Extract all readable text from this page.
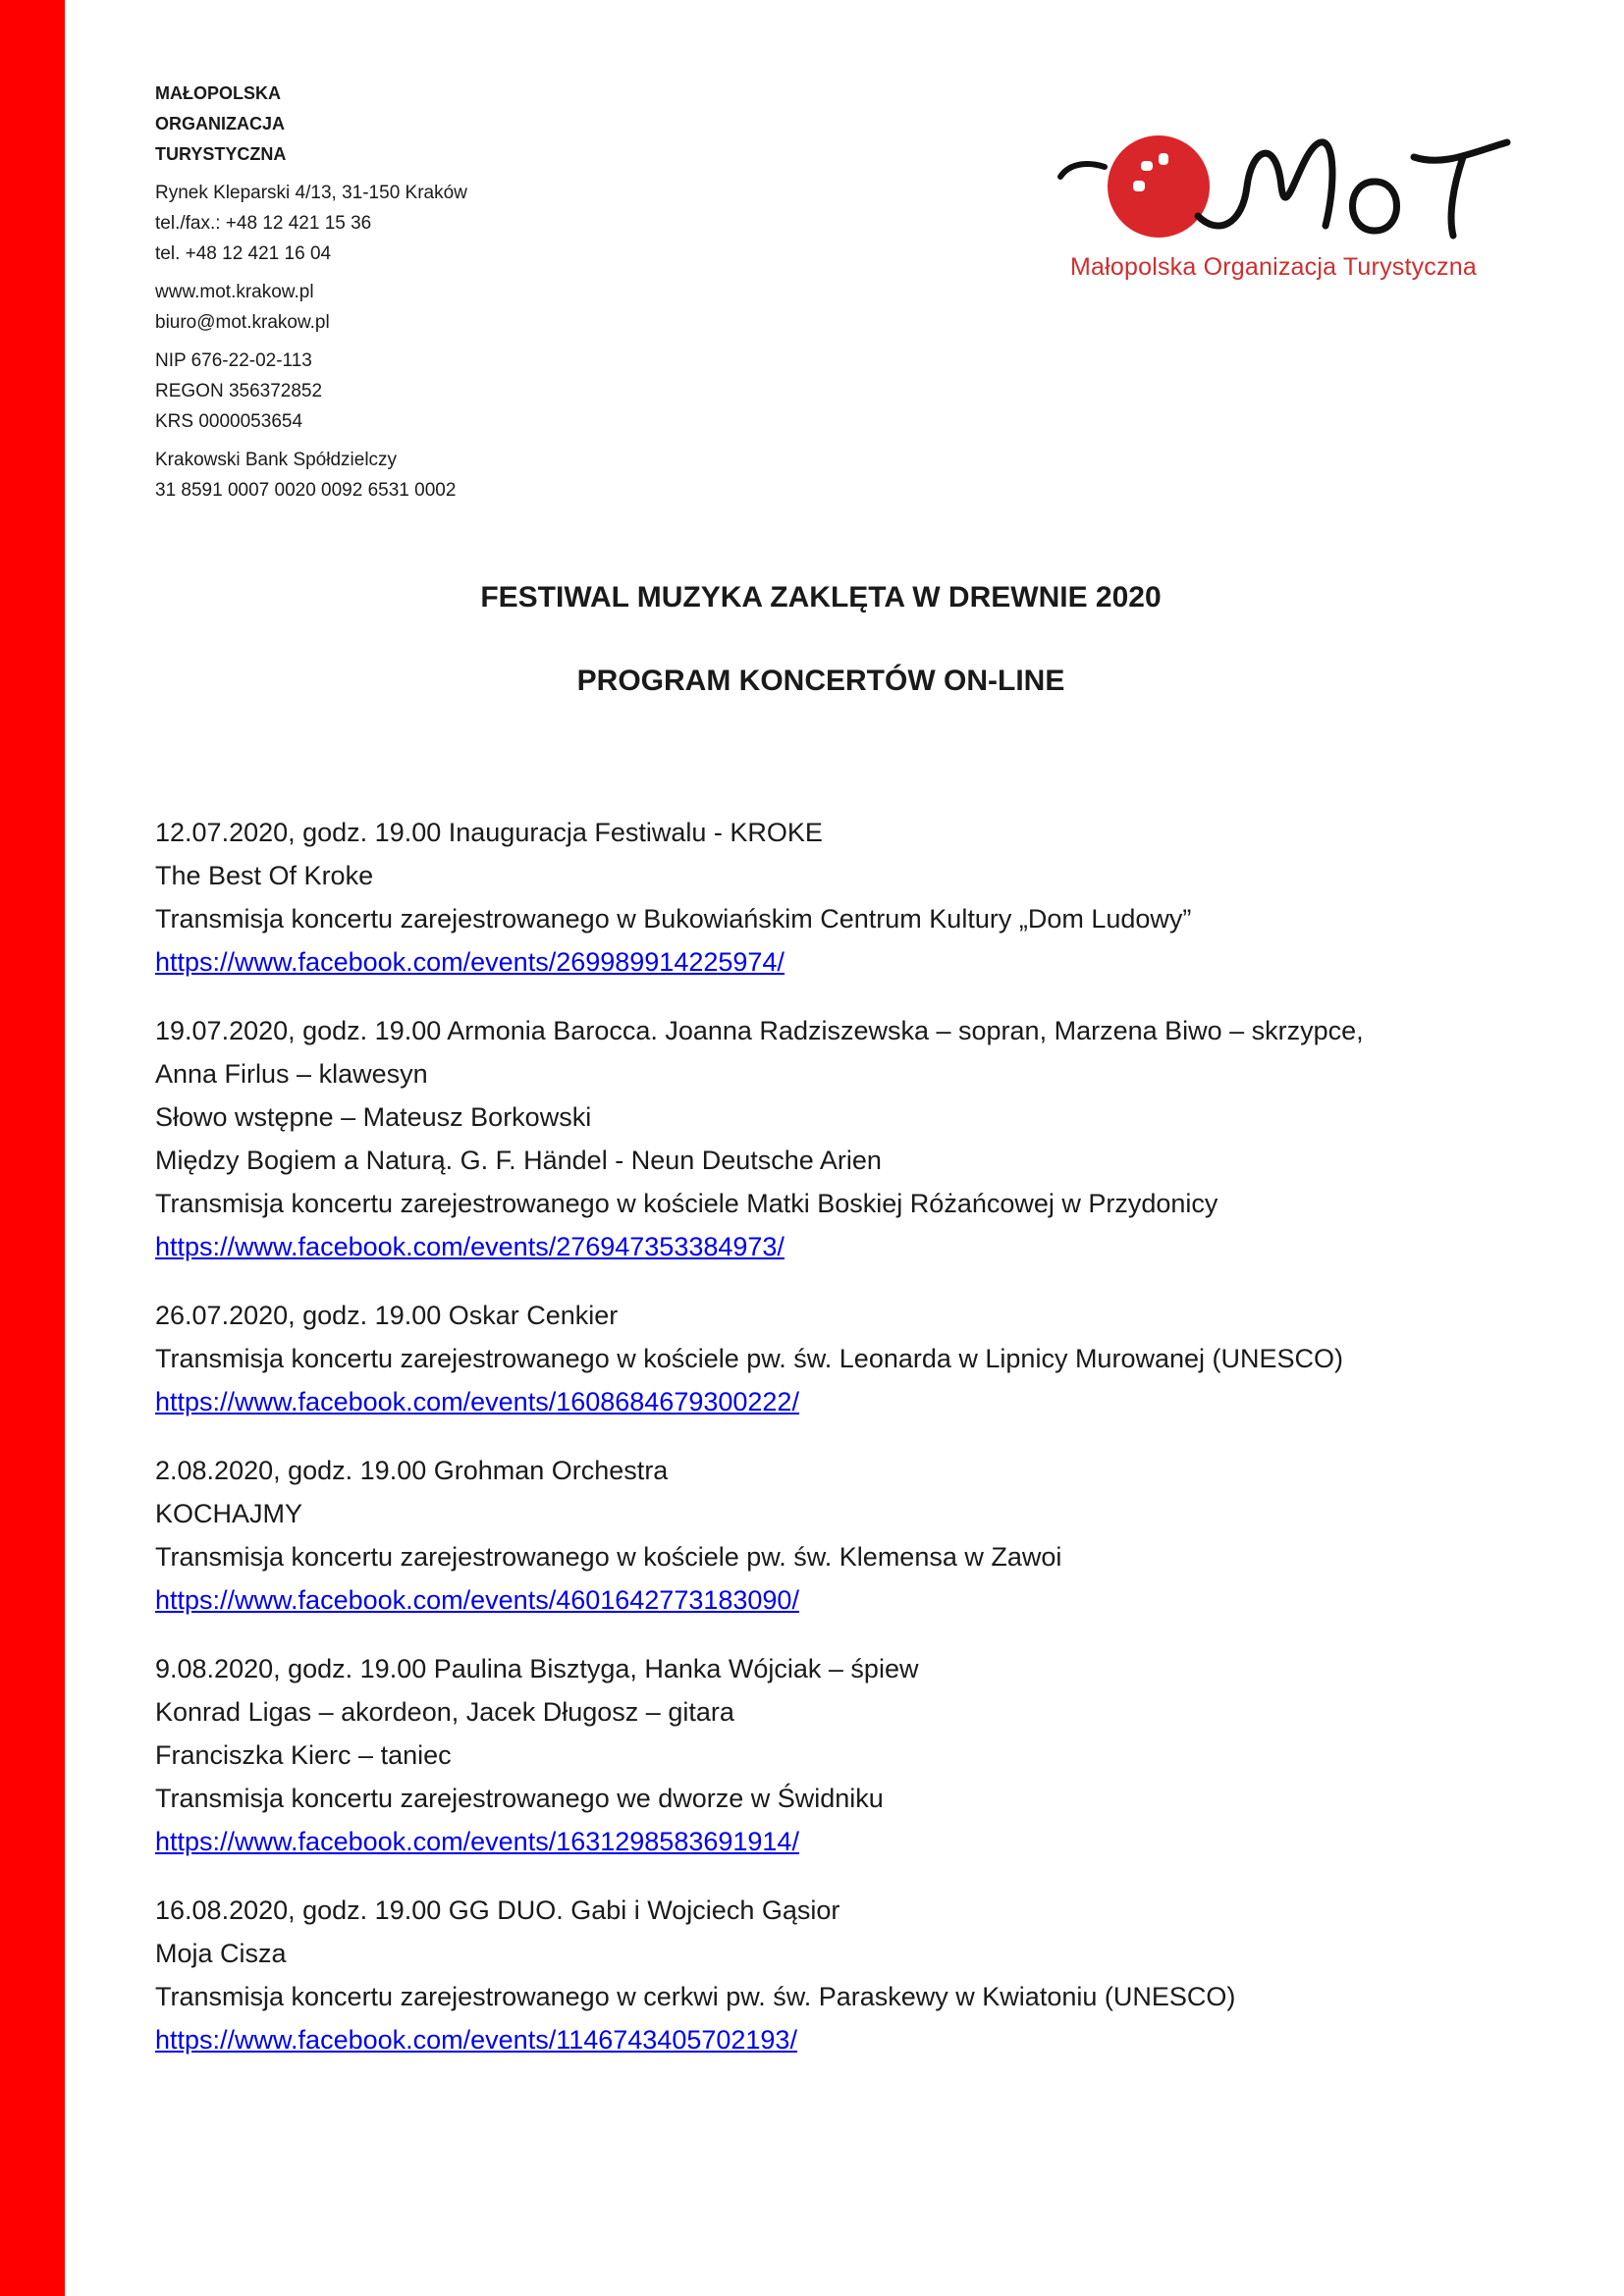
MAŁOPOLSKA
ORGANIZACJA
TURYSTYCZNA
Rynek Kleparski 4/13, 31-150 Kraków
tel./fax.: +48 12 421 15 36
tel. +48 12 421 16 04
www.mot.krakow.pl
biuro@mot.krakow.pl
NIP 676-22-02-113
REGON 356372852
KRS 0000053654
Krakowski Bank Spółdzielczy
31 8591 0007 0020 0092 6531 0002
Małopolska Organizacja Turystyczna
FESTIWAL MUZYKA ZAKLĘTA W DREWNIE 2020
PROGRAM KONCERTÓW ON-LINE
12.07.2020, godz. 19.00 Inauguracja Festiwalu - KROKE
The Best Of Kroke
Transmisja koncertu zarejestrowanego w Bukowiańskim Centrum Kultury „Dom Ludowy”
https://www.facebook.com/events/269989914225974/
19.07.2020, godz. 19.00 Armonia Barocca. Joanna Radziszewska – sopran, Marzena Biwo – skrzypce,
Anna Firlus – klawesyn
Słowo wstępne – Mateusz Borkowski
Między Bogiem a Naturą. G. F. Händel - Neun Deutsche Arien
Transmisja koncertu zarejestrowanego w kościele Matki Boskiej Różańcowej w Przydonicy
https://www.facebook.com/events/276947353384973/
26.07.2020, godz. 19.00 Oskar Cenkier
Transmisja koncertu zarejestrowanego w kościele pw. św. Leonarda w Lipnicy Murowanej (UNESCO)
https://www.facebook.com/events/1608684679300222/
2.08.2020, godz. 19.00 Grohman Orchestra
KOCHAJMY
Transmisja koncertu zarejestrowanego w kościele pw. św. Klemensa w Zawoi
https://www.facebook.com/events/4601642773183090/
9.08.2020, godz. 19.00 Paulina Bisztyga, Hanka Wójciak – śpiew
Konrad Ligas – akordeon, Jacek Długosz – gitara
Franciszka Kierc – taniec
Transmisja koncertu zarejestrowanego we dworze w Świdniku
https://www.facebook.com/events/1631298583691914/
16.08.2020, godz. 19.00 GG DUO. Gabi i Wojciech Gąsior
Moja Cisza
Transmisja koncertu zarejestrowanego w cerkwi pw. św. Paraskewy w Kwiatoniu (UNESCO)
https://www.facebook.com/events/1146743405702193/
